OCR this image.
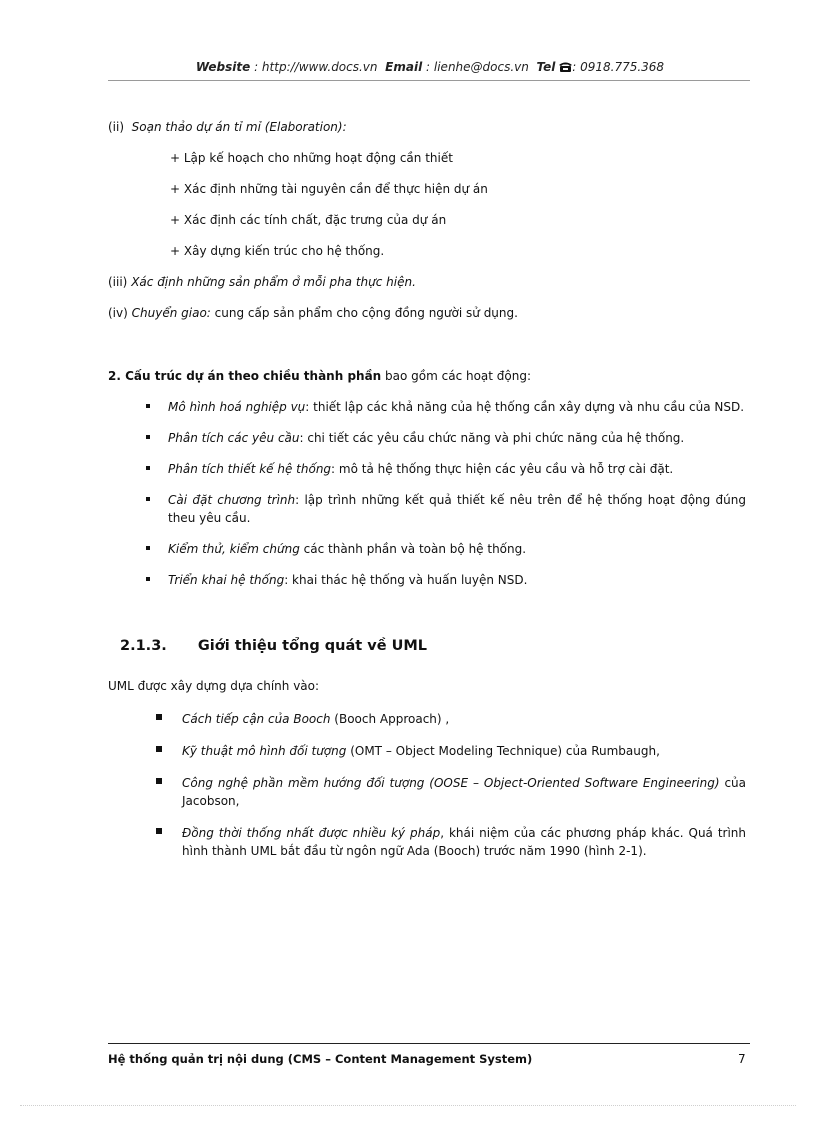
Website : http://www.docs.vn Email : lienhe@docs.vn Tel : 0918.775.368
(ii) Soạn thảo dự án tỉ mỉ (Elaboration):
+ Lập kế hoạch cho những hoạt động cần thiết
+ Xác định những tài nguyên cần để thực hiện dự án
+ Xác định các tính chất, đặc trưng của dự án
+ Xây dựng kiến trúc cho hệ thống.
(iii) Xác định những sản phẩm ở mỗi pha thực hiện.
(iv) Chuyển giao: cung cấp sản phẩm cho cộng đồng người sử dụng.
2. Cấu trúc dự án theo chiều thành phần bao gồm các hoạt động:
Mô hình hoá nghiệp vụ: thiết lập các khả năng của hệ thống cần xây dựng và nhu cầu của NSD.
Phân tích các yêu cầu: chi tiết các yêu cầu chức năng và phi chức năng của hệ thống.
Phân tích thiết kế hệ thống: mô tả hệ thống thực hiện các yêu cầu và hỗ trợ cài đặt.
Cài đặt chương trình: lập trình những kết quả thiết kế nêu trên để hệ thống hoạt động đúng theu yêu cầu.
Kiểm thử, kiểm chứng các thành phần và toàn bộ hệ thống.
Triển khai hệ thống: khai thác hệ thống và huấn luyện NSD.
2.1.3. Giới thiệu tổng quát về UML
UML được xây dựng dựa chính vào:
Cách tiếp cận của Booch (Booch Approach) ,
Kỹ thuật mô hình đối tượng (OMT – Object Modeling Technique) của Rumbaugh,
Công nghệ phần mềm hướng đối tượng (OOSE – Object-Oriented Software Engineering) của Jacobson,
Đồng thời thống nhất được nhiều ký pháp, khái niệm của các phương pháp khác. Quá trình hình thành UML bắt đầu từ ngôn ngữ Ada (Booch) trước năm 1990 (hình 2-1).
Hệ thống quản trị nội dung (CMS – Content Management System)	7
